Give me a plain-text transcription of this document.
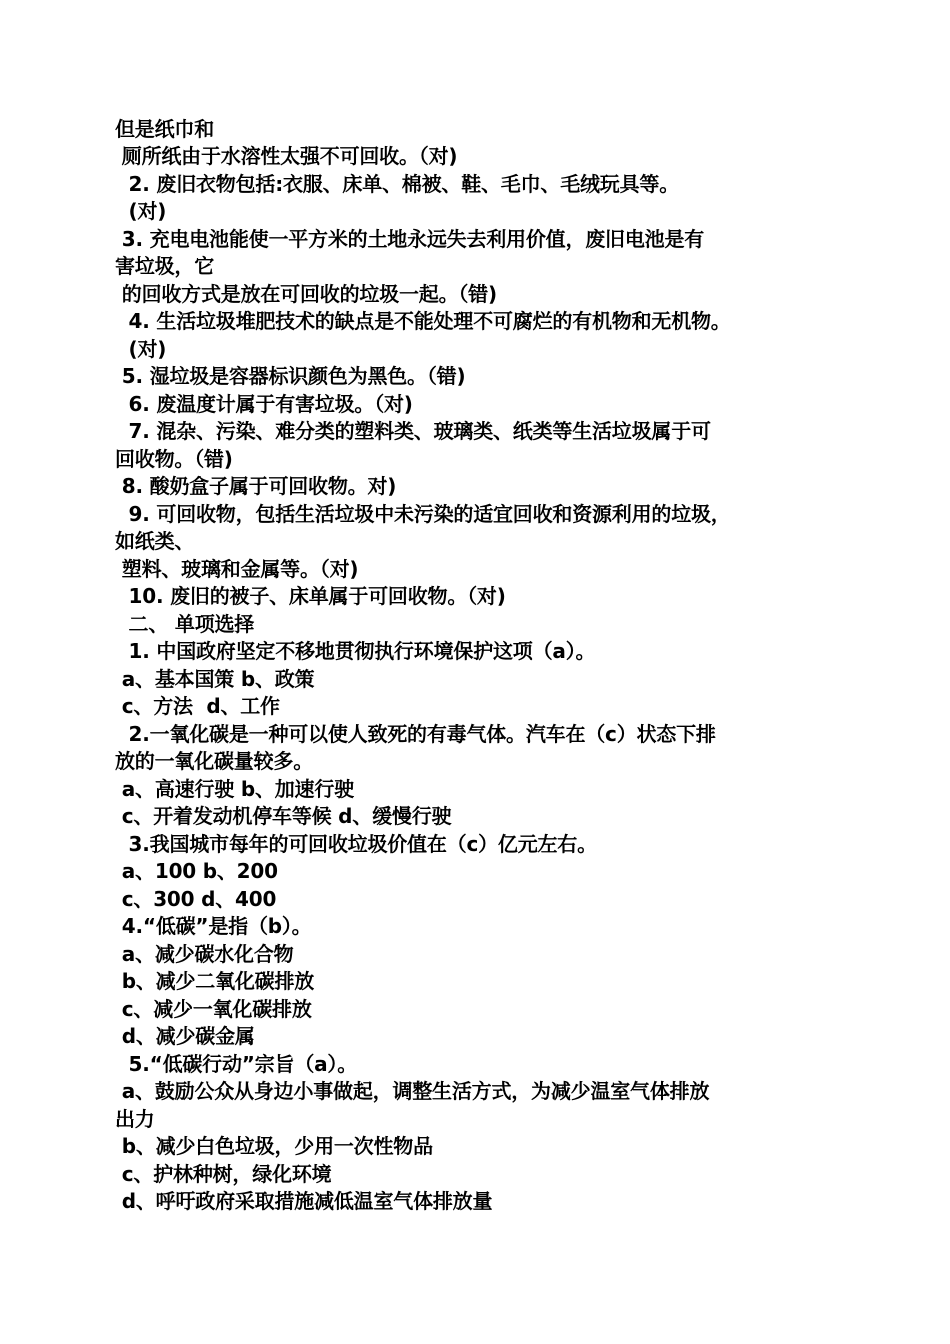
但是纸巾和
厕所纸由于水溶性太强不可回收。（对)
2. 废旧衣物包括:衣服、床单、棉被、鞋、毛巾、毛绒玩具等。
(对)
3. 充电电池能使一平方米的土地永远失去利用价值，废旧电池是有
害垃圾，它
的回收方式是放在可回收的垃圾一起。（错)
4. 生活垃圾堆肥技术的缺点是不能处理不可腐烂的有机物和无机物。
(对)
5. 湿垃圾是容器标识颜色为黑色。（错)
6. 废温度计属于有害垃圾。（对)
7. 混杂、污染、难分类的塑料类、玻璃类、纸类等生活垃圾属于可
回收物。（错)
8. 酸奶盒子属于可回收物。对)
9. 可回收物，包括生活垃圾中未污染的适宜回收和资源利用的垃圾，
如纸类、
塑料、玻璃和金属等。（对)
10. 废旧的被子、床单属于可回收物。（对)
二、 单项选择
1. 中国政府坚定不移地贯彻执行环境保护这项（a）。
a、基本国策 b、政策
c、方法  d、工作
2.一氧化碳是一种可以使人致死的有毒气体。汽车在（c）状态下排
放的一氧化碳量较多。
a、高速行驶 b、加速行驶
c、开着发动机停车等候 d、缓慢行驶
3.我国城市每年的可回收垃圾价值在（c）亿元左右。
a、100 b、200
c、300 d、400
4.“低碳”是指（b）。
a、减少碳水化合物
b、减少二氧化碳排放
c、减少一氧化碳排放
d、减少碳金属
5.“低碳行动”宗旨（a）。
a、鼓励公众从身边小事做起，调整生活方式，为减少温室气体排放
出力
b、减少白色垃圾，少用一次性物品
c、护林种树，绿化环境
d、呼吁政府采取措施减低温室气体排放量
